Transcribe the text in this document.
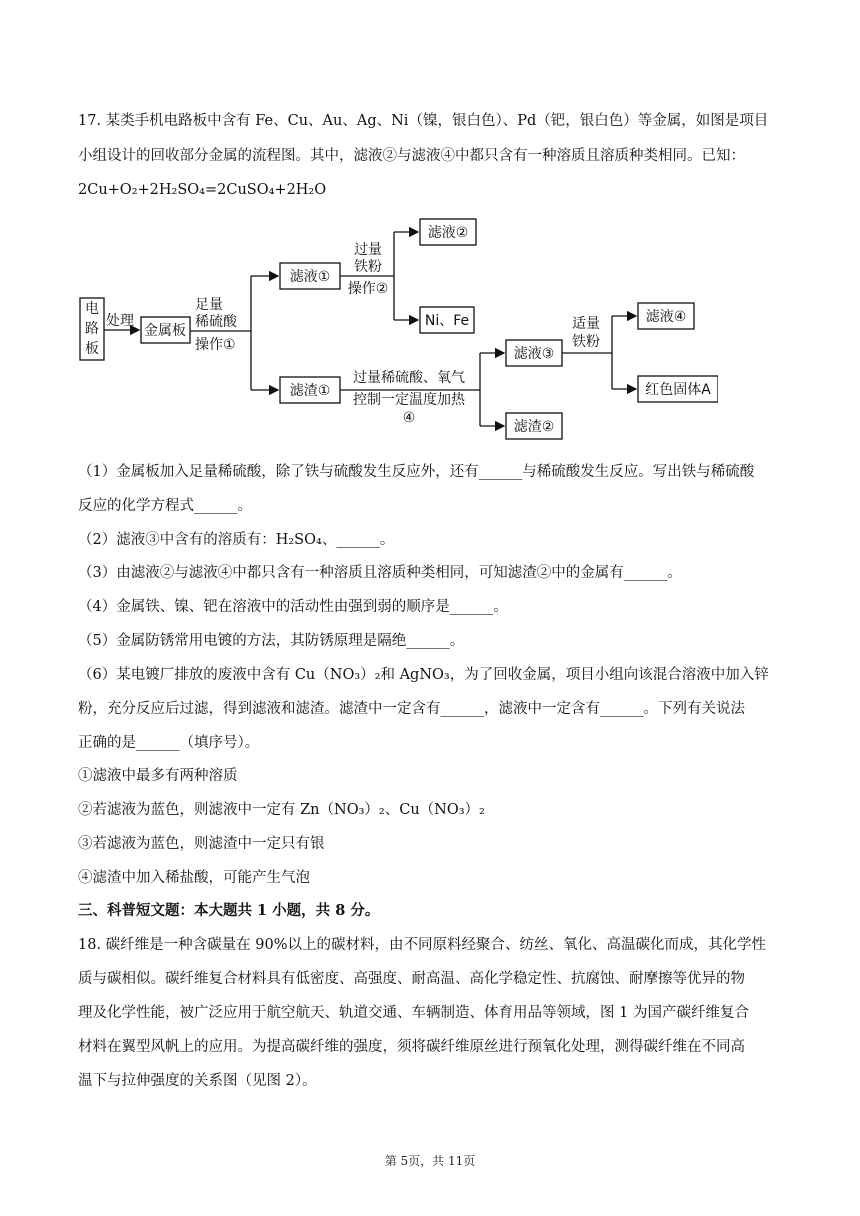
17. 某类手机电路板中含有 Fe、Cu、Au、Ag、Ni（镍，银白色）、Pd（钯，银白色）等金属，如图是项目
小组设计的回收部分金属的流程图。其中，滤液②与滤液④中都只含有一种溶质且溶质种类相同。已知：
2Cu+O₂+2H₂SO₄=2CuSO₄+2H₂O
电
路
板
处理
金属板
足量
稀硫酸
操作①
滤液①
过量
铁粉
操作②
滤液②
Ni、Fe
滤渣①
过量稀硫酸、氧气
控制一定温度加热
④
滤液③
滤渣②
适量
铁粉
滤液④
红色固体A
（1）金属板加入足量稀硫酸，除了铁与硫酸发生反应外，还有______与稀硫酸发生反应。写出铁与稀硫酸
反应的化学方程式______。
（2）滤液③中含有的溶质有：H₂SO₄、______。
（3）由滤液②与滤液④中都只含有一种溶质且溶质种类相同，可知滤渣②中的金属有______。
（4）金属铁、镍、钯在溶液中的活动性由强到弱的顺序是______。
（5）金属防锈常用电镀的方法，其防锈原理是隔绝______。
（6）某电镀厂排放的废液中含有 Cu（NO₃）₂和 AgNO₃，为了回收金属，项目小组向该混合溶液中加入锌
粉，充分反应后过滤，得到滤液和滤渣。滤渣中一定含有______，滤液中一定含有______。下列有关说法
正确的是______（填序号）。
①滤液中最多有两种溶质
②若滤液为蓝色，则滤液中一定有 Zn（NO₃）₂、Cu（NO₃）₂
③若滤液为蓝色，则滤渣中一定只有银
④滤渣中加入稀盐酸，可能产生气泡
三、科普短文题：本大题共 1 小题，共 8 分。
18. 碳纤维是一种含碳量在 90%以上的碳材料，由不同原料经聚合、纺丝、氧化、高温碳化而成，其化学性
质与碳相似。碳纤维复合材料具有低密度、高强度、耐高温、高化学稳定性、抗腐蚀、耐摩擦等优异的物
理及化学性能，被广泛应用于航空航天、轨道交通、车辆制造、体育用品等领域，图 1 为国产碳纤维复合
材料在翼型风帆上的应用。为提高碳纤维的强度，须将碳纤维原丝进行预氧化处理，测得碳纤维在不同高
温下与拉伸强度的关系图（见图 2）。
第 5页，共 11页
